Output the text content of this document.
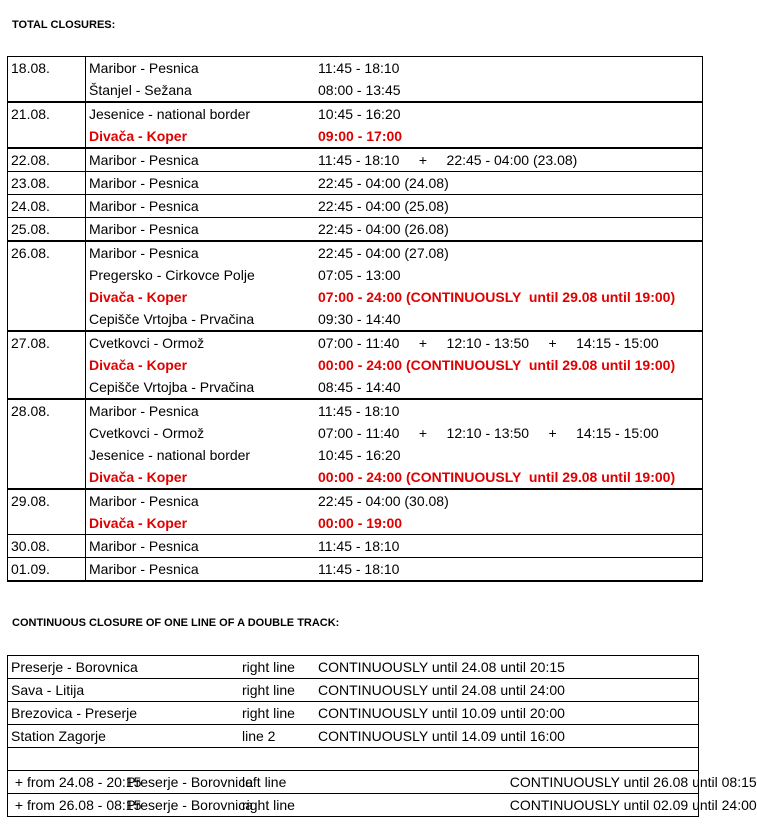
TOTAL CLOSURES:
18.08.	Maribor - Pesnica	11:45 - 18:10
	Štanjel - Sežana	08:00 - 13:45
21.08.	Jesenice - national border	10:45 - 16:20
	Divača - Koper	09:00 - 17:00
22.08.	Maribor - Pesnica	11:45 - 18:10     +     22:45 - 04:00 (23.08)
23.08.	Maribor - Pesnica	22:45 - 04:00 (24.08)
24.08.	Maribor - Pesnica	22:45 - 04:00 (25.08)
25.08.	Maribor - Pesnica	22:45 - 04:00 (26.08)
26.08.	Maribor - Pesnica	22:45 - 04:00 (27.08)
	Pregersko - Cirkovce Polje	07:05 - 13:00
	Divača - Koper	07:00 - 24:00 (CONTINUOUSLY  until 29.08 until 19:00)
	Cepišče Vrtojba - Prvačina	09:30 - 14:40
27.08.	Cvetkovci - Ormož	07:00 - 11:40     +     12:10 - 13:50     +     14:15 - 15:00
	Divača - Koper	00:00 - 24:00 (CONTINUOUSLY  until 29.08 until 19:00)
	Cepišče Vrtojba - Prvačina	08:45 - 14:40
28.08.	Maribor - Pesnica	11:45 - 18:10
	Cvetkovci - Ormož	07:00 - 11:40     +     12:10 - 13:50     +     14:15 - 15:00
	Jesenice - national border	10:45 - 16:20
	Divača - Koper	00:00 - 24:00 (CONTINUOUSLY  until 29.08 until 19:00)
29.08.	Maribor - Pesnica	22:45 - 04:00 (30.08)
	Divača - Koper	00:00 - 19:00
30.08.	Maribor - Pesnica	11:45 - 18:10
01.09.	Maribor - Pesnica	11:45 - 18:10
CONTINUOUS CLOSURE OF ONE LINE OF A DOUBLE TRACK:
Preserje - Borovnica		right line	CONTINUOUSLY until 24.08 until 20:15	
Sava - Litija		right line	CONTINUOUSLY until 24.08 until 24:00	
Brezovica - Preserje		right line	CONTINUOUSLY until 10.09 until 20:00	
Station Zagorje		line 2	CONTINUOUSLY until 14.09 until 16:00	

+ from 24.08 - 20:15	Preserje - Borovnica	left line		CONTINUOUSLY until 26.08 until 08:15
+ from 26.08 - 08:15	Preserje - Borovnica	right line		CONTINUOUSLY until 02.09 until 24:00
